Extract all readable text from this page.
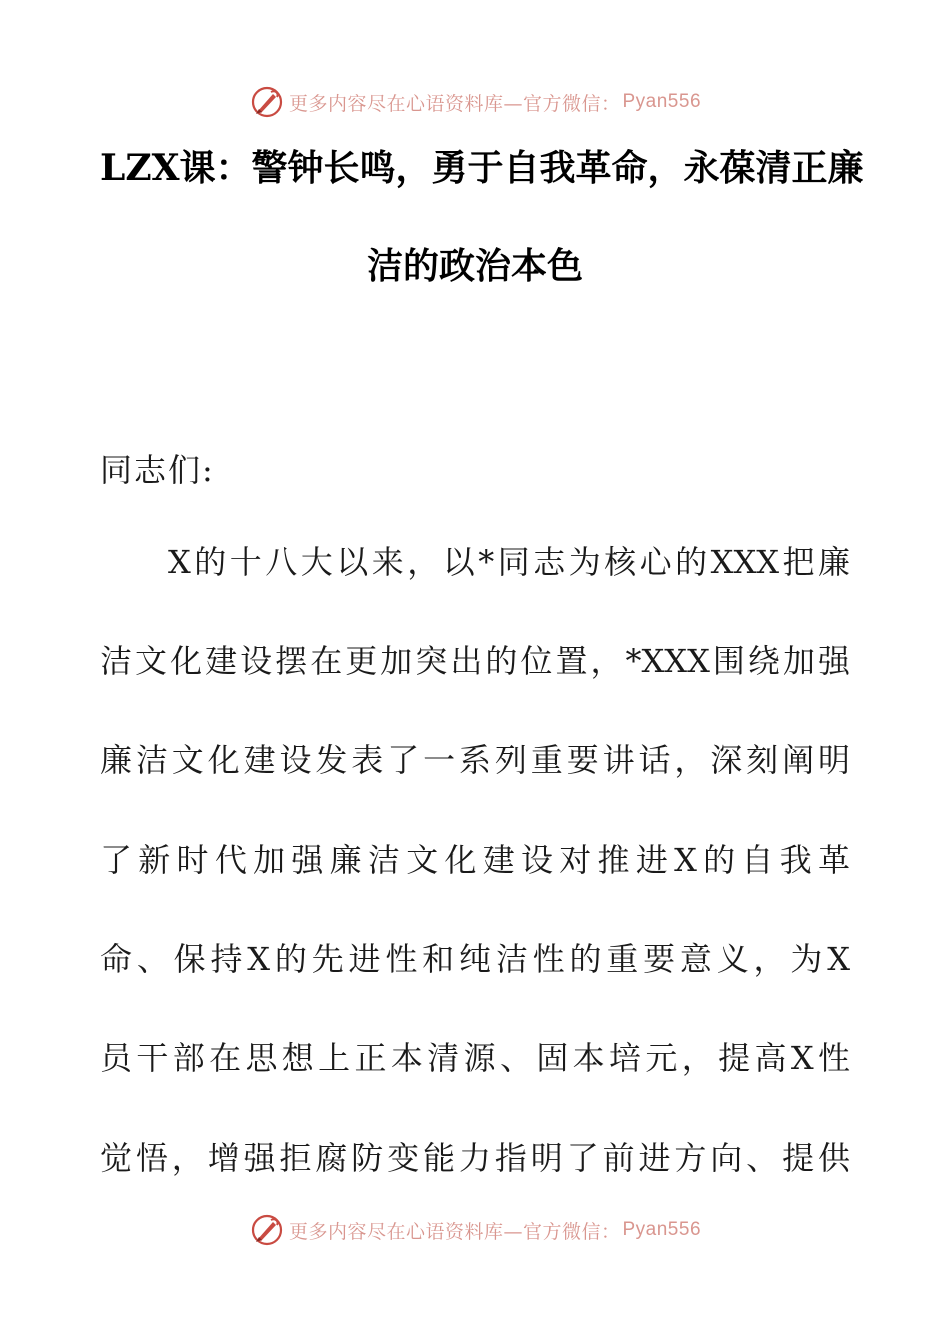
更多内容尽在心语资料库—官方微信： Pyan556
LZX课：警钟长鸣，勇于自我革命，永葆清正廉
洁的政治本色
同志们:
X的十八大以来，以*同志为核心的XXX把廉
洁文化建设摆在更加突出的位置，*XXX围绕加强
廉洁文化建设发表了一系列重要讲话，深刻阐明
了新时代加强廉洁文化建设对推进X的自我革
命、保持X的先进性和纯洁性的重要意义，为X
员干部在思想上正本清源、固本培元，提高X性
觉悟，增强拒腐防变能力指明了前进方向、提供
更多内容尽在心语资料库—官方微信： Pyan556
